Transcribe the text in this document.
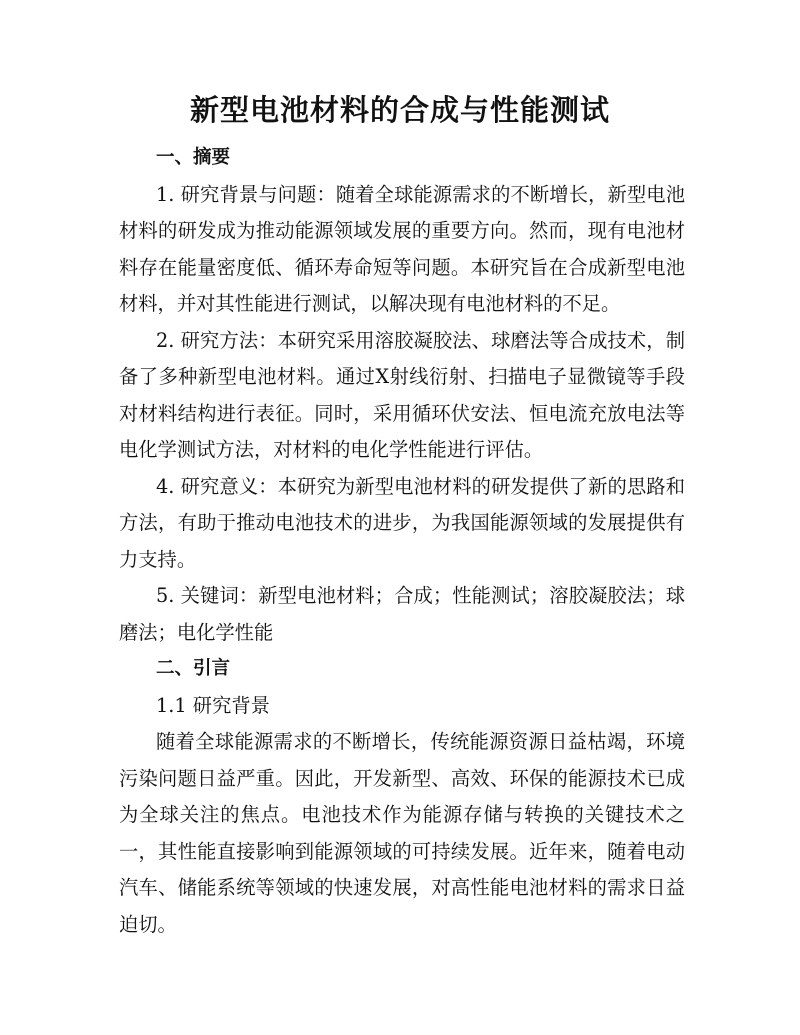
新型电池材料的合成与性能测试

一、摘要

1. 研究背景与问题：随着全球能源需求的不断增长，新型电池材料的研发成为推动能源领域发展的重要方向。然而，现有电池材料存在能量密度低、循环寿命短等问题。本研究旨在合成新型电池材料，并对其性能进行测试，以解决现有电池材料的不足。

2. 研究方法：本研究采用溶胶凝胶法、球磨法等合成技术，制备了多种新型电池材料。通过X射线衍射、扫描电子显微镜等手段对材料结构进行表征。同时，采用循环伏安法、恒电流充放电法等电化学测试方法，对材料的电化学性能进行评估。

4. 研究意义：本研究为新型电池材料的研发提供了新的思路和方法，有助于推动电池技术的进步，为我国能源领域的发展提供有力支持。

5. 关键词：新型电池材料；合成；性能测试；溶胶凝胶法；球磨法；电化学性能

二、引言

1.1 研究背景

随着全球能源需求的不断增长，传统能源资源日益枯竭，环境污染问题日益严重。因此，开发新型、高效、环保的能源技术已成为全球关注的焦点。电池技术作为能源存储与转换的关键技术之一，其性能直接影响到能源领域的可持续发展。近年来，随着电动汽车、储能系统等领域的快速发展，对高性能电池材料的需求日益迫切。
